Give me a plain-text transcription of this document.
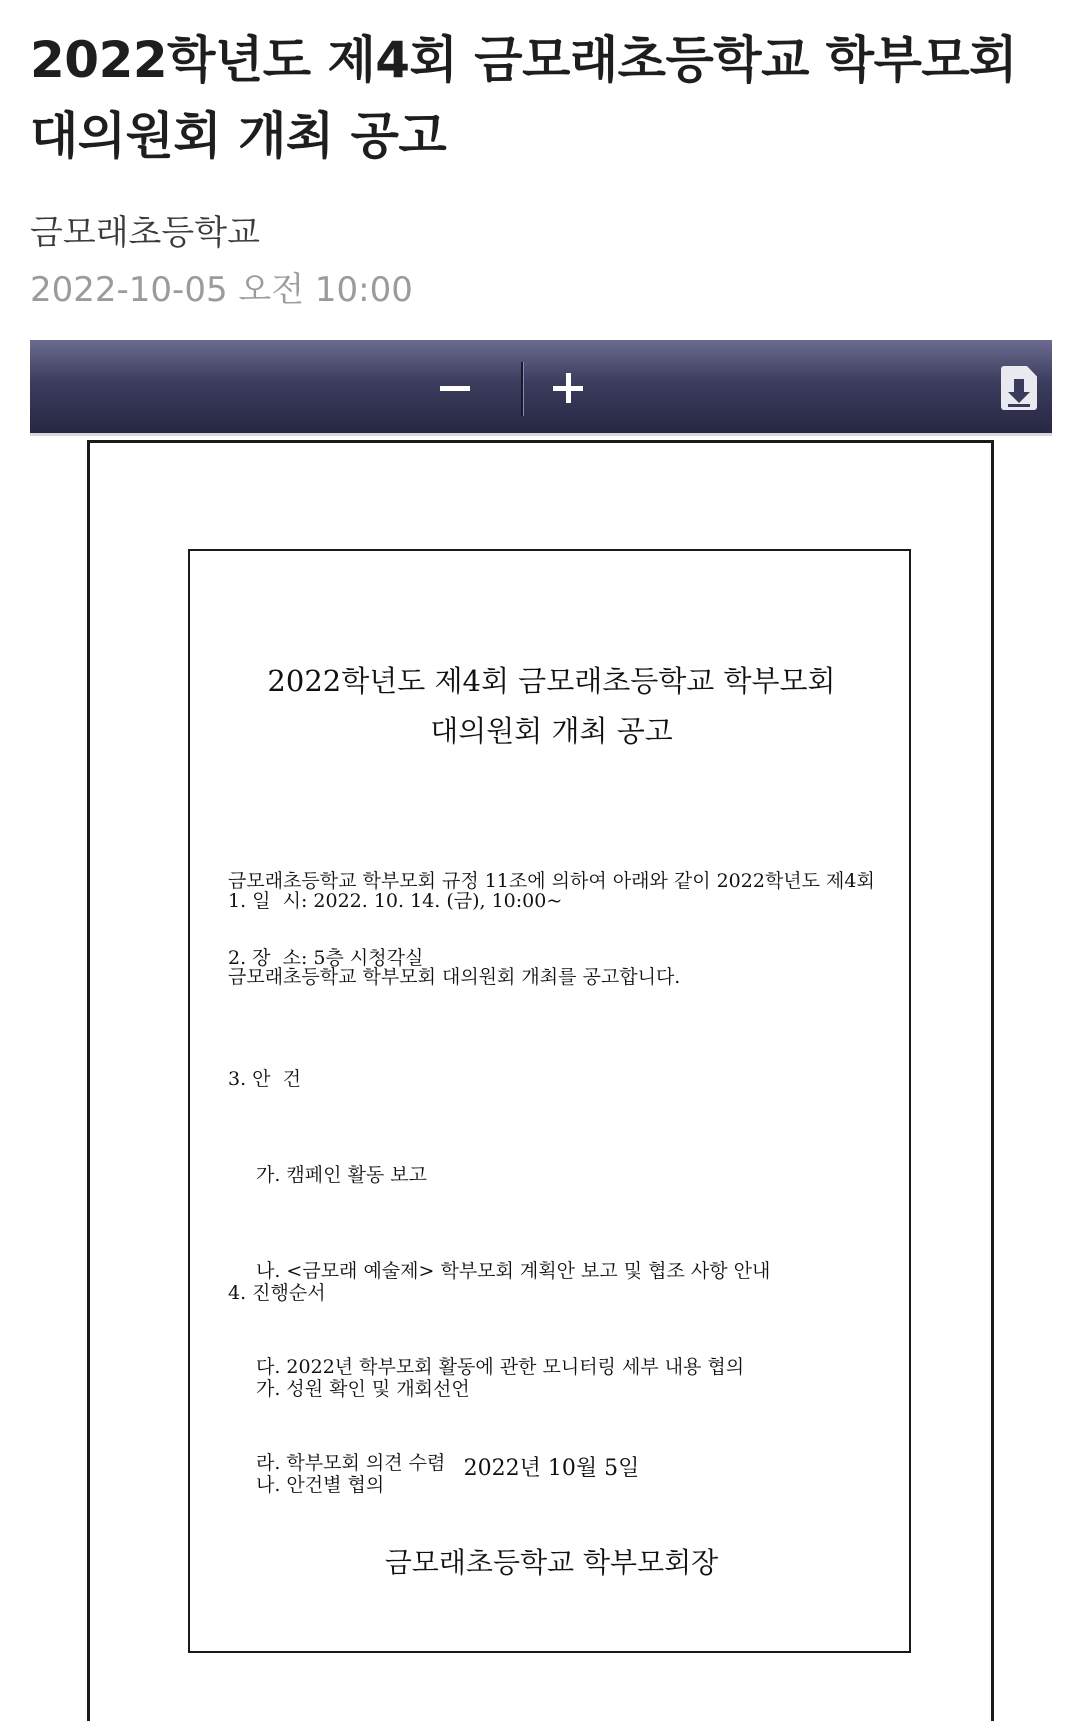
2022학년도 제4회 금모래초등학교 학부모회 대의원회 개최 공고
금모래초등학교
2022-10-05 오전 10:00
2022학년도 제4회 금모래초등학교 학부모회
대의원회 개최 공고

금모래초등학교 학부모회 규정 11조에 의하여 아래와 같이 2022학년도 제4회

금모래초등학교 학부모회 대의원회 개최를 공고합니다.

1. 일  시: 2022. 10. 14. (금), 10:00~
2. 장  소: 5층 시청각실

3. 안  건

가. 캠페인 활동 보고

나. <금모래 예술제> 학부모회 계획안 보고 및 협조 사항 안내

다. 2022년 학부모회 활동에 관한 모니터링 세부 내용 협의

라. 학부모회 의견 수렴

4. 진행순서

가. 성원 확인 및 개회선언

나. 안건별 협의

2022년 10월 5일
금모래초등학교 학부모회장
